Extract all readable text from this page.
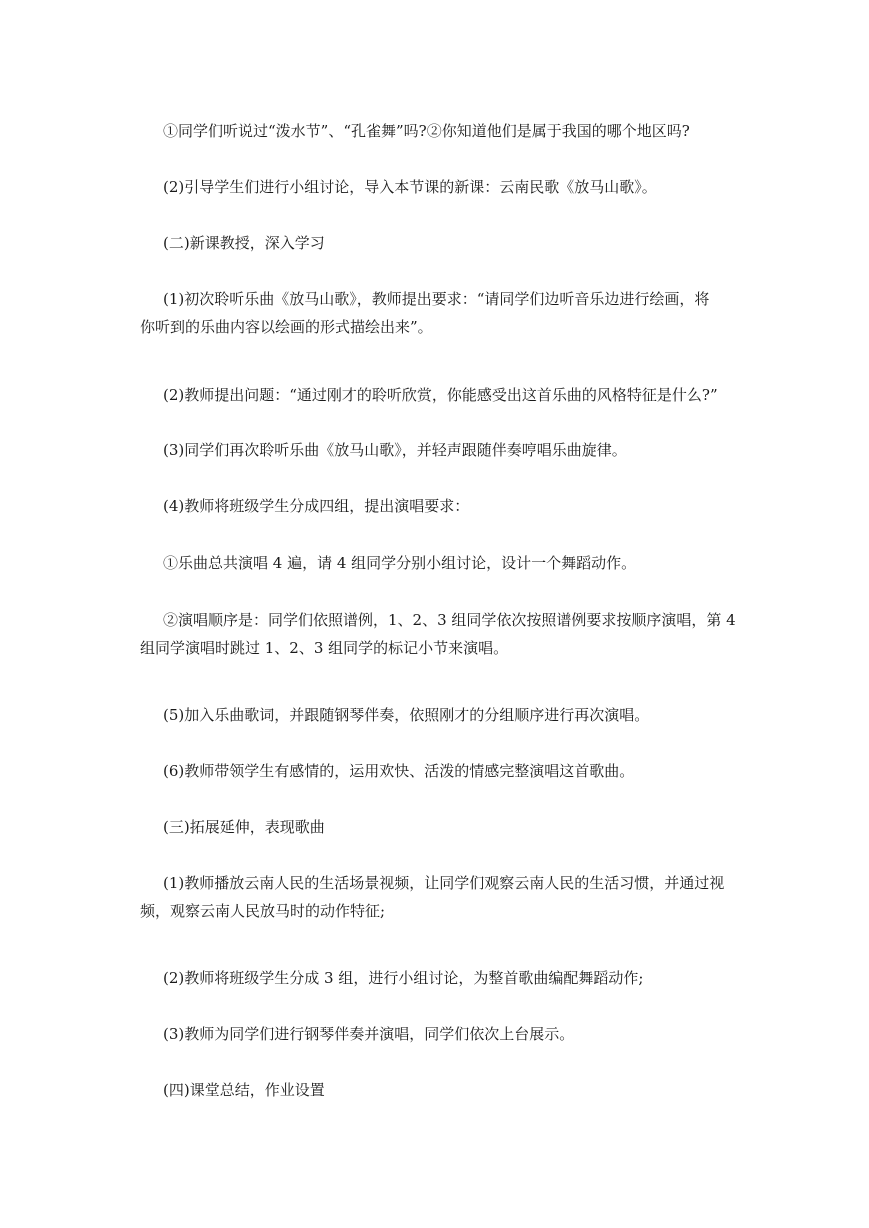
①同学们听说过“泼水节”、“孔雀舞”吗?②你知道他们是属于我国的哪个地区吗?

(2)引导学生们进行小组讨论，导入本节课的新课：云南民歌《放马山歌》。

(二)新课教授，深入学习

(1)初次聆听乐曲《放马山歌》，教师提出要求：“请同学们边听音乐边进行绘画，将
你听到的乐曲内容以绘画的形式描绘出来”。

(2)教师提出问题：“通过刚才的聆听欣赏，你能感受出这首乐曲的风格特征是什么?”

(3)同学们再次聆听乐曲《放马山歌》，并轻声跟随伴奏哼唱乐曲旋律。

(4)教师将班级学生分成四组，提出演唱要求：

①乐曲总共演唱 4 遍，请 4 组同学分别小组讨论，设计一个舞蹈动作。

②演唱顺序是：同学们依照谱例，1、2、3 组同学依次按照谱例要求按顺序演唱，第 4
组同学演唱时跳过 1、2、3 组同学的标记小节来演唱。

(5)加入乐曲歌词，并跟随钢琴伴奏，依照刚才的分组顺序进行再次演唱。

(6)教师带领学生有感情的，运用欢快、活泼的情感完整演唱这首歌曲。

(三)拓展延伸，表现歌曲

(1)教师播放云南人民的生活场景视频，让同学们观察云南人民的生活习惯，并通过视
频，观察云南人民放马时的动作特征;

(2)教师将班级学生分成 3 组，进行小组讨论，为整首歌曲编配舞蹈动作;

(3)教师为同学们进行钢琴伴奏并演唱，同学们依次上台展示。

(四)课堂总结，作业设置
